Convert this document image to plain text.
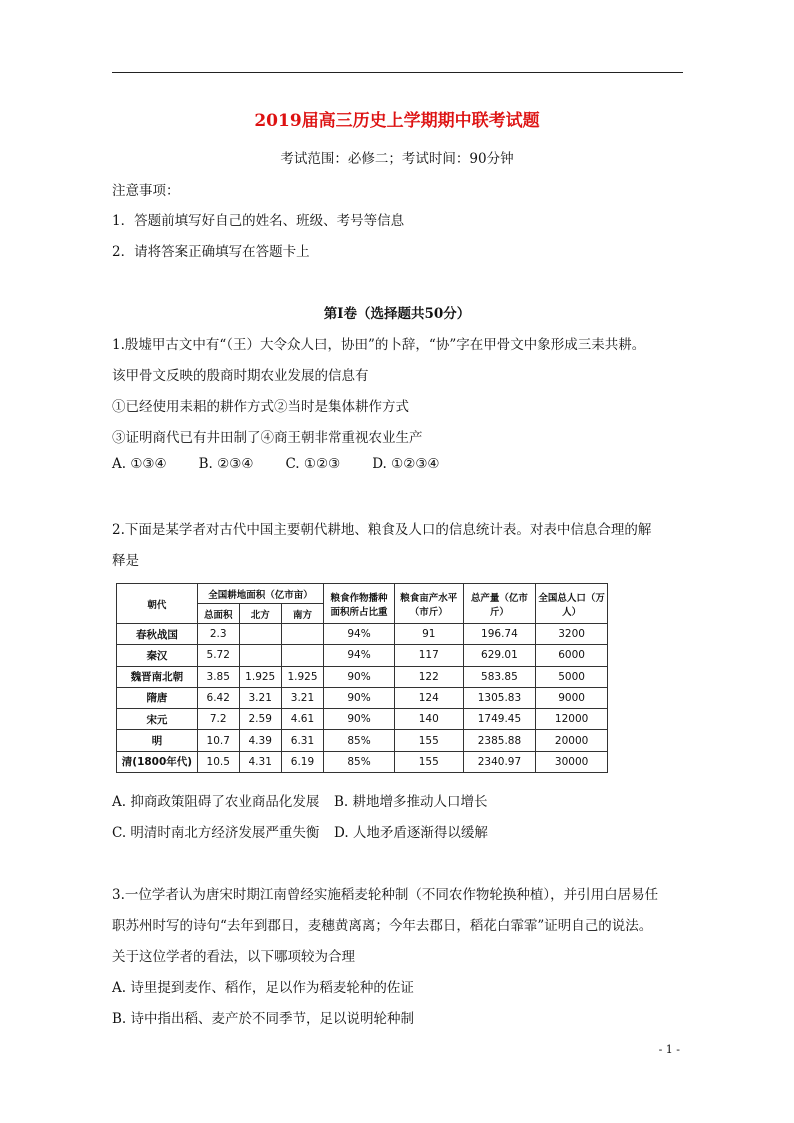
2019届高三历史上学期期中联考试题
考试范围：必修二；考试时间：90分钟
注意事项：
1．答题前填写好自己的姓名、班级、考号等信息
2．请将答案正确填写在答题卡上
第Ⅰ卷（选择题共50分）
1.殷墟甲古文中有“（王）大令众人曰，协田”的卜辞，“协”字在甲骨文中象形成三耒共耕。
该甲骨文反映的殷商时期农业发展的信息有
①已经使用耒耜的耕作方式②当时是集体耕作方式
③证明商代已有井田制了④商王朝非常重视农业生产
A. ①③④ B. ②③④ C. ①②③ D. ①②③④
2.下面是某学者对古代中国主要朝代耕地、粮食及人口的信息统计表。对表中信息合理的解
释是
朝代	全国耕地面积（亿市亩）			粮食作物播种面积所占比重	粮食亩产水平（市斤）	总产量（亿市斤）	全国总人口（万人）
	总面积	北方	南方				
春秋战国	2.3			94%	91	196.74	3200
秦汉	5.72			94%	117	629.01	6000
魏晋南北朝	3.85	1.925	1.925	90%	122	583.85	5000
隋唐	6.42	3.21	3.21	90%	124	1305.83	9000
宋元	7.2	2.59	4.61	90%	140	1749.45	12000
明	10.7	4.39	6.31	85%	155	2385.88	20000
清(1800年代)	10.5	4.31	6.19	85%	155	2340.97	30000
A. 抑商政策阻碍了农业商品化发展 B. 耕地增多推动人口增长
C. 明清时南北方经济发展严重失衡 D. 人地矛盾逐渐得以缓解
3.一位学者认为唐宋时期江南曾经实施稻麦轮种制（不同农作物轮换种植），并引用白居易任
职苏州时写的诗句“去年到郡日，麦穗黄离离；今年去郡日，稻花白霏霏”证明自己的说法。
关于这位学者的看法，以下哪项较为合理
A. 诗里提到麦作、稻作，足以作为稻麦轮种的佐证
B. 诗中指出稻、麦产於不同季节，足以说明轮种制
- 1 -
